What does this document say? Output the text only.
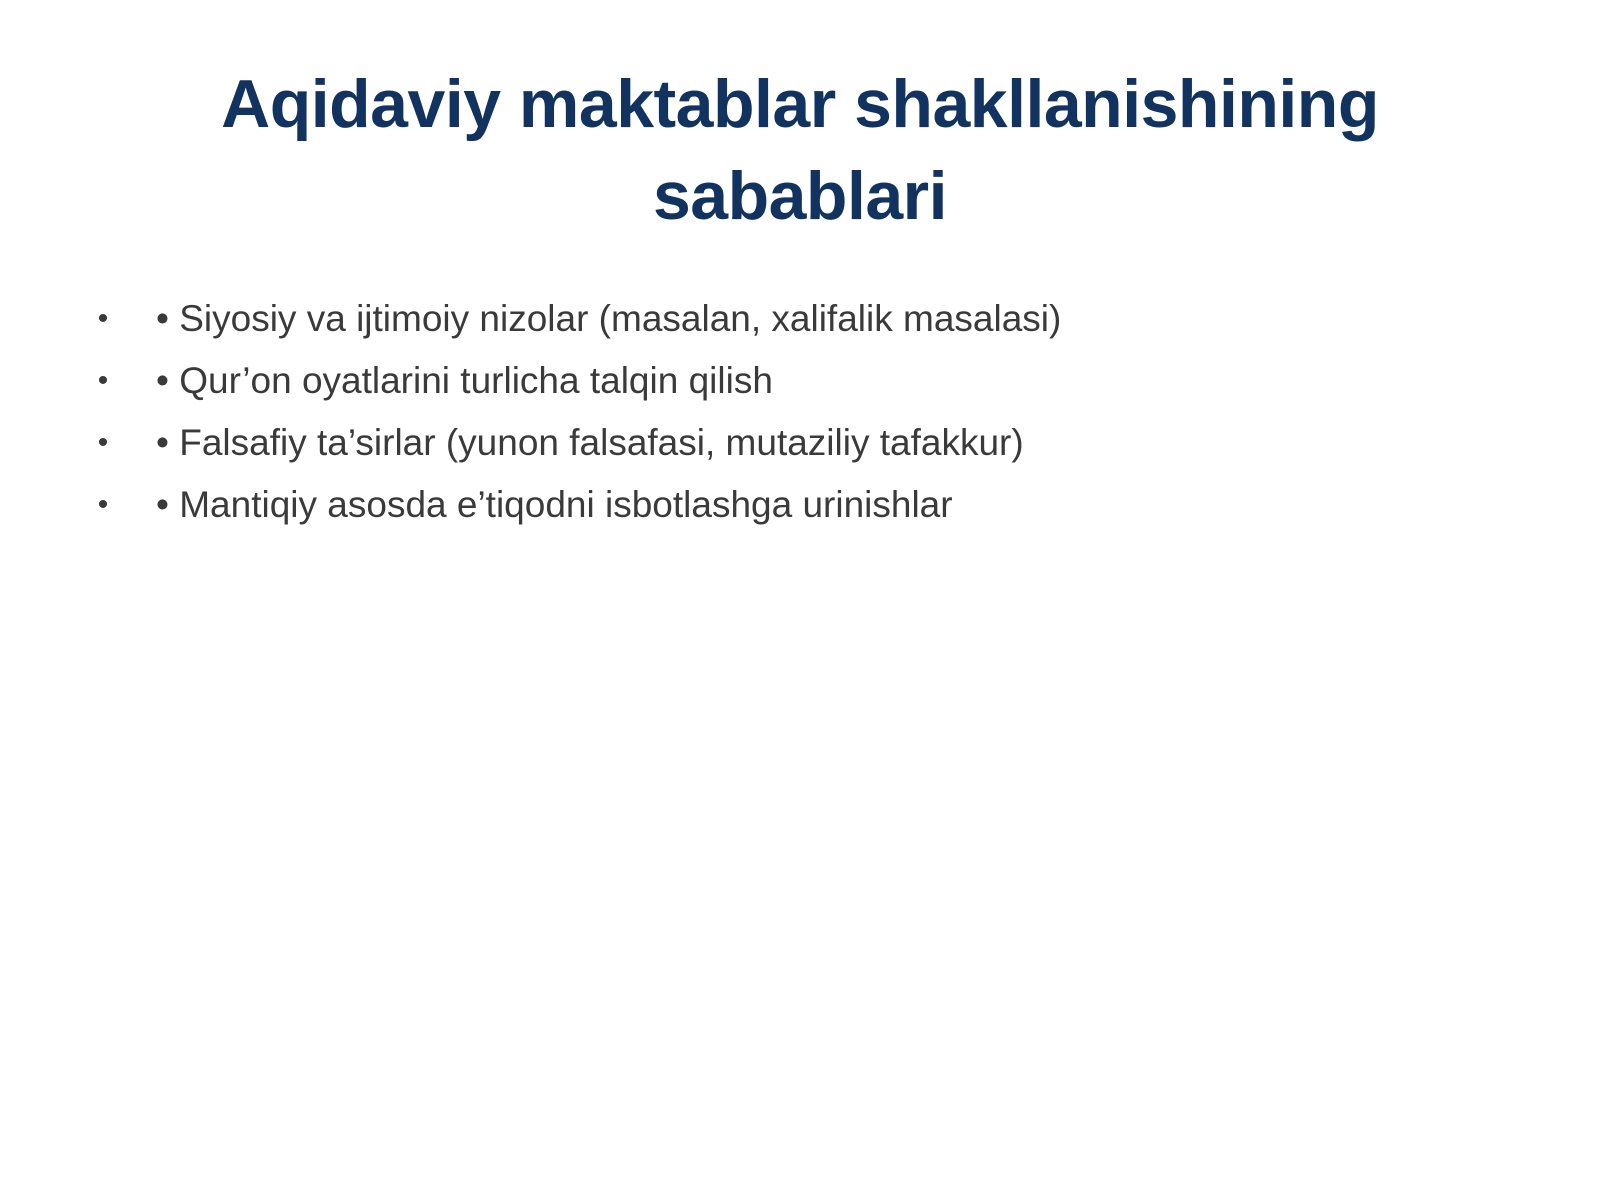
Aqidaviy maktablar shakllanishining
sabablari
• • Siyosiy va ijtimoiy nizolar (masalan, xalifalik masalasi)
• • Qur’on oyatlarini turlicha talqin qilish
• • Falsafiy ta’sirlar (yunon falsafasi, mutaziliy tafakkur)
• • Mantiqiy asosda e’tiqodni isbotlashga urinishlar
